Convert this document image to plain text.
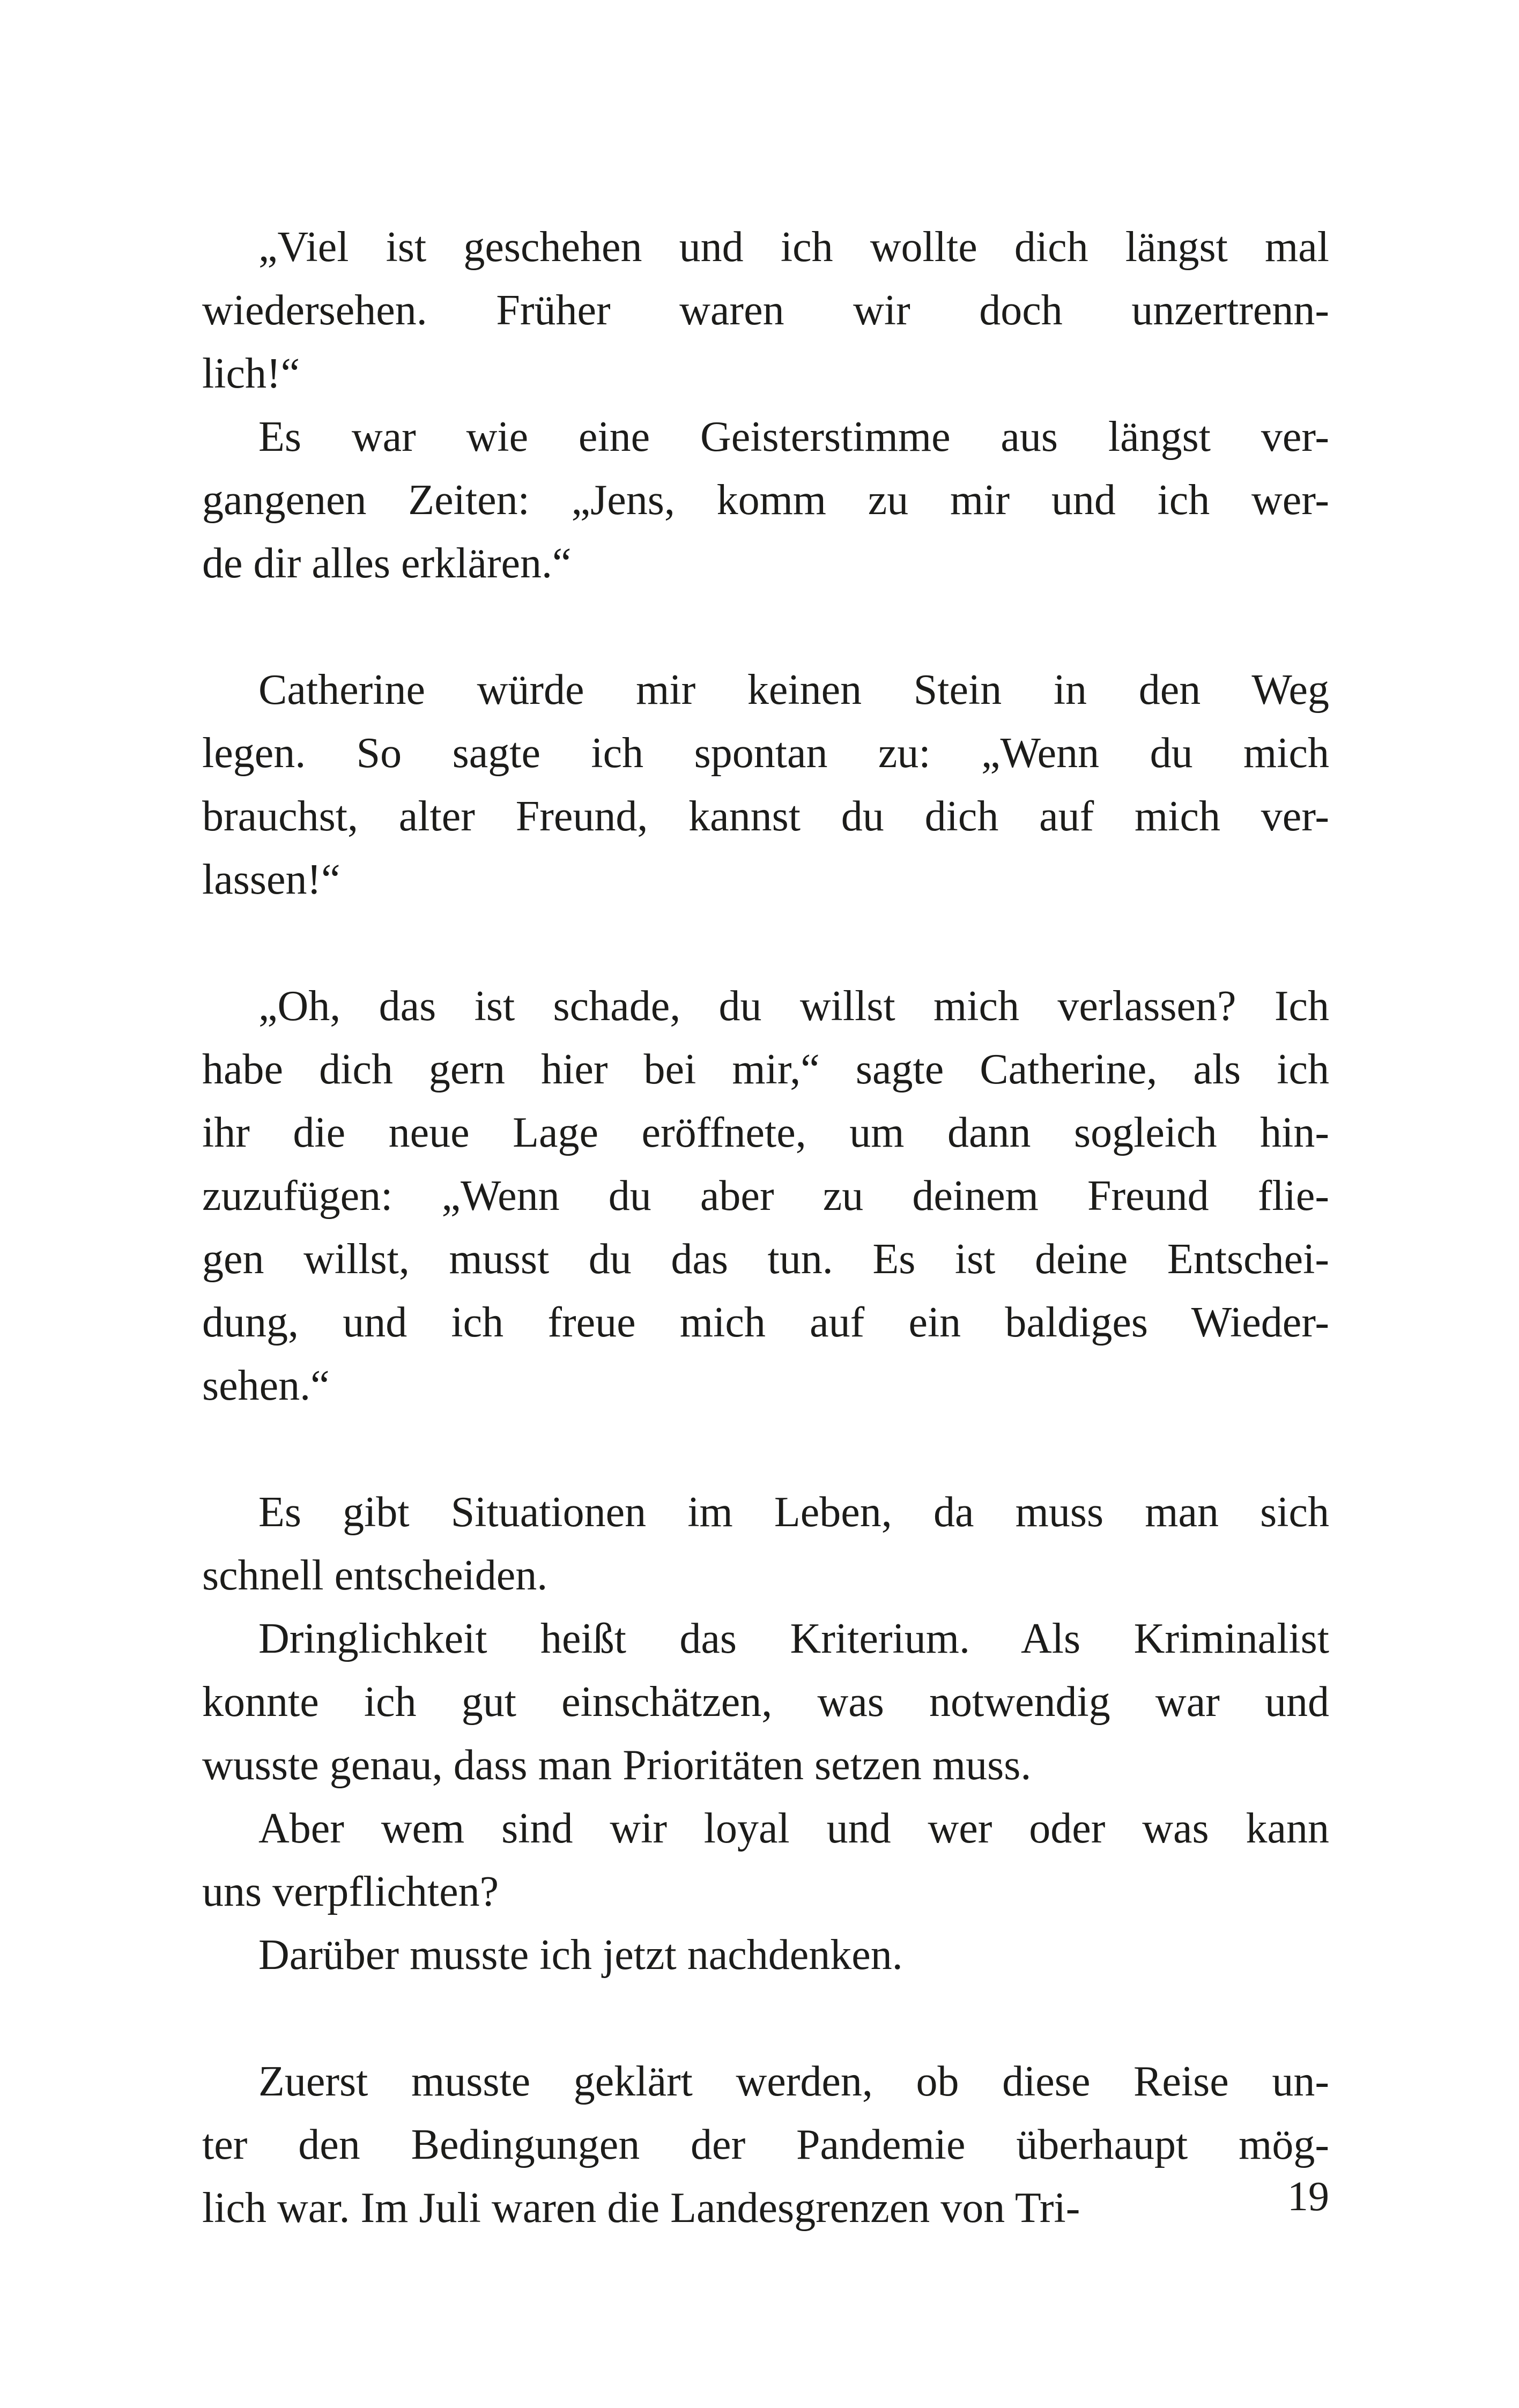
„Viel ist geschehen und ich wollte dich längst mal
wiedersehen. Früher waren wir doch unzertrenn-
lich!“
Es war wie eine Geisterstimme aus längst ver-
gangenen Zeiten: „Jens, komm zu mir und ich wer-
de dir alles erklären.“
Catherine würde mir keinen Stein in den Weg
legen. So sagte ich spontan zu: „Wenn du mich
brauchst, alter Freund, kannst du dich auf mich ver-
lassen!“
„Oh, das ist schade, du willst mich verlassen? Ich
habe dich gern hier bei mir,“ sagte Catherine, als ich
ihr die neue Lage eröffnete, um dann sogleich hin-
zuzufügen: „Wenn du aber zu deinem Freund flie-
gen willst, musst du das tun. Es ist deine Entschei-
dung, und ich freue mich auf ein baldiges Wieder-
sehen.“
Es gibt Situationen im Leben, da muss man sich
schnell entscheiden.
Dringlichkeit heißt das Kriterium. Als Kriminalist
konnte ich gut einschätzen, was notwendig war und
wusste genau, dass man Prioritäten setzen muss.
Aber wem sind wir loyal und wer oder was kann
uns verpflichten?
Darüber musste ich jetzt nachdenken.
Zuerst musste geklärt werden, ob diese Reise un-
ter den Bedingungen der Pandemie überhaupt mög-
lich war. Im Juli waren die Landesgrenzen von Tri-	19
